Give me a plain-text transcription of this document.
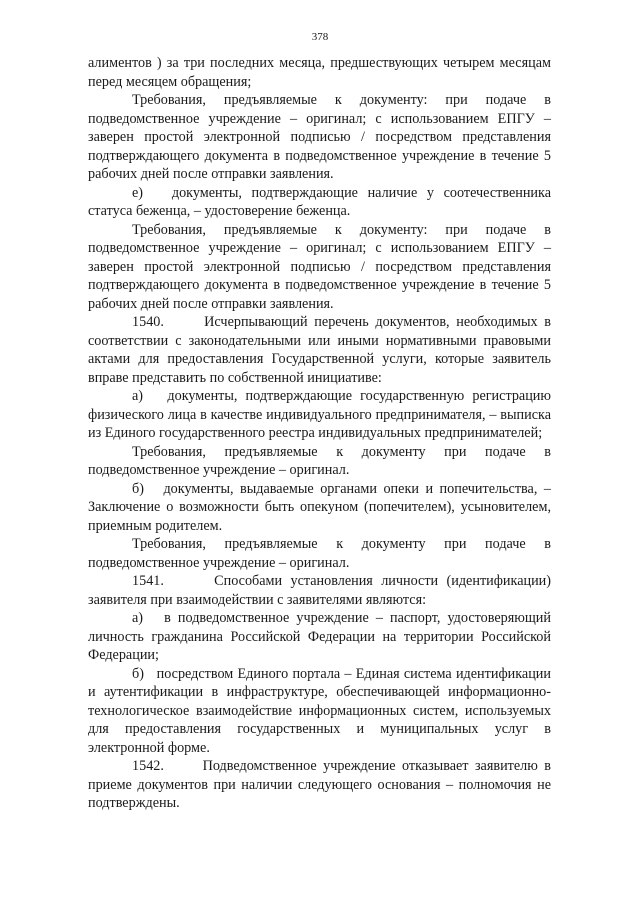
378

алиментов ) за три последних месяца, предшествующих четырем месяцам перед месяцем обращения;

Требования, предъявляемые к документу: при подаче в подведомственное учреждение – оригинал; с использованием ЕПГУ – заверен простой электронной подписью / посредством представления подтверждающего документа в подведомственное учреждение в течение 5 рабочих дней после отправки заявления.

е)   документы, подтверждающие наличие у соотечественника статуса беженца, – удостоверение беженца.

Требования, предъявляемые к документу: при подаче в подведомственное учреждение – оригинал; с использованием ЕПГУ – заверен простой электронной подписью / посредством представления подтверждающего документа в подведомственное учреждение в течение 5 рабочих дней после отправки заявления.

1540.      Исчерпывающий перечень документов, необходимых в соответствии с законодательными или иными нормативными правовыми актами для предоставления Государственной услуги, которые заявитель вправе представить по собственной инициативе:

а)   документы, подтверждающие государственную регистрацию физического лица в качестве индивидуального предпринимателя, – выписка из Единого государственного реестра индивидуальных предпринимателей;

Требования, предъявляемые к документу при подаче в подведомственное учреждение – оригинал.

б)   документы, выдаваемые органами опеки и попечительства, – Заключение о возможности быть опекуном (попечителем), усыновителем, приемным родителем.

Требования, предъявляемые к документу при подаче в подведомственное учреждение – оригинал.

1541.      Способами установления личности (идентификации) заявителя при взаимодействии с заявителями являются:

а)   в подведомственное учреждение – паспорт, удостоверяющий личность гражданина Российской Федерации на территории Российской Федерации;

б)   посредством Единого портала – Единая система идентификации и аутентификации в инфраструктуре, обеспечивающей информационно-технологическое взаимодействие информационных систем, используемых для предоставления государственных и муниципальных услуг в электронной форме.

1542.      Подведомственное учреждение отказывает заявителю в приеме документов при наличии следующего основания – полномочия не подтверждены.
